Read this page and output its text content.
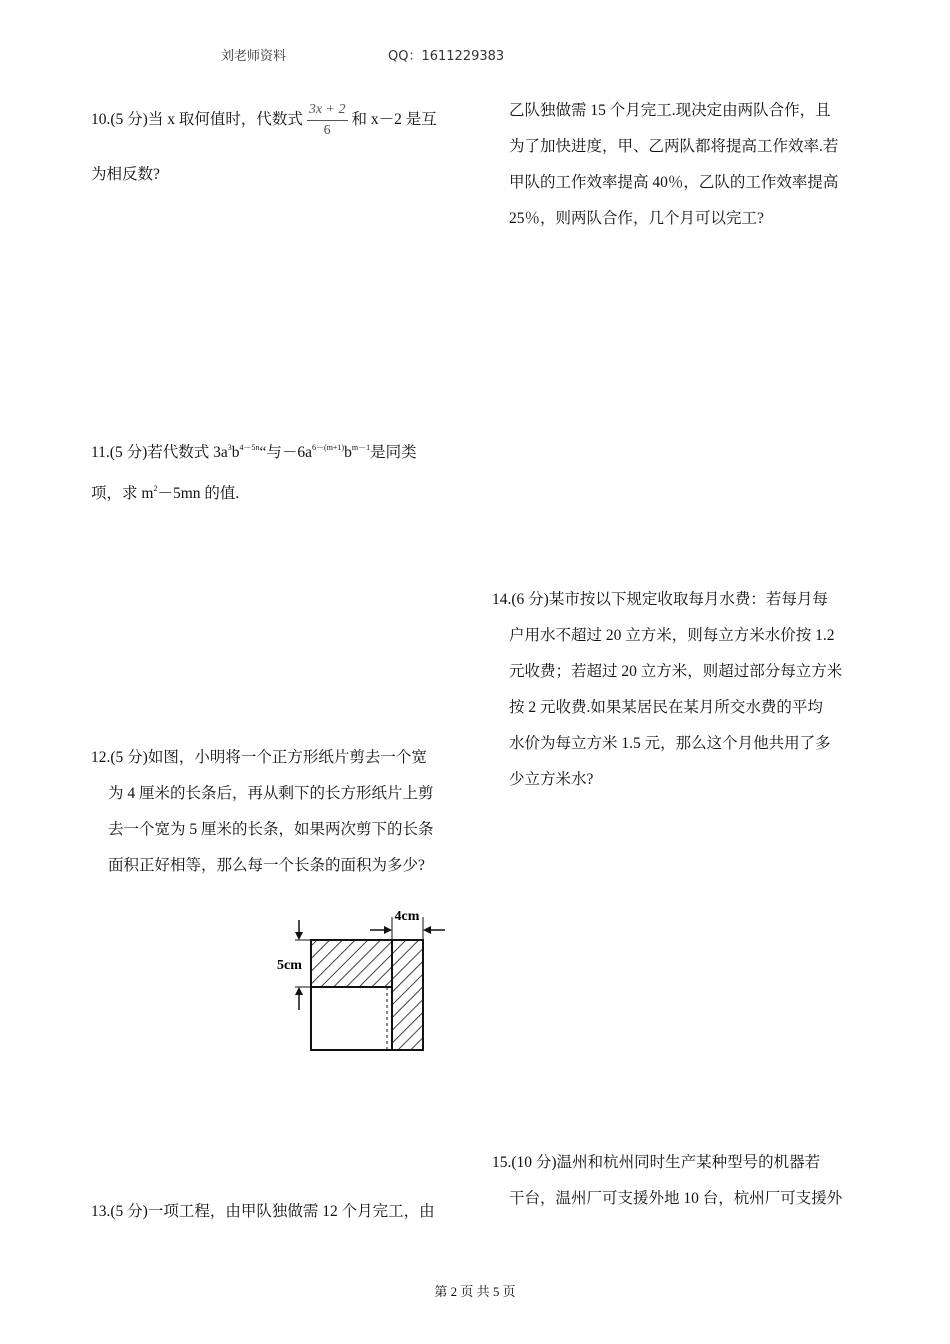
刘老师资料	QQ：1611229383
10.(5 分)当 x 取何值时，代数式 $\frac{3x + 2}{6}$ 和 x－2 是互
为相反数?
11.(5 分)若代数式 $3a^3b^{4-5n}“$与$-6a^{6-(m+1)}b^{m-1}$是同类
项，求 $m^2-5mn$ 的值.
12.(5 分)如图，小明将一个正方形纸片剪去一个宽
为 4 厘米的长条后，再从剩下的长方形纸片上剪
去一个宽为 5 厘米的长条，如果两次剪下的长条
面积正好相等，那么每一个长条的面积为多少?
4cm
5cm
13.(5 分)一项工程，由甲队独做需 12 个月完工，由
乙队独做需 15 个月完工.现决定由两队合作，且
为了加快进度，甲、乙两队都将提高工作效率.若
甲队的工作效率提高 40％，乙队的工作效率提高
25％，则两队合作，几个月可以完工?
14.(6 分)某市按以下规定收取每月水费：若每月每
户用水不超过 20 立方米，则每立方米水价按 1.2
元收费；若超过 20 立方米，则超过部分每立方米
按 2 元收费.如果某居民在某月所交水费的平均
水价为每立方米 1.5 元，那么这个月他共用了多
少立方米水?
15.(10 分)温州和杭州同时生产某种型号的机器若
干台，温州厂可支援外地 10 台，杭州厂可支援外
第 2 页 共 5 页
